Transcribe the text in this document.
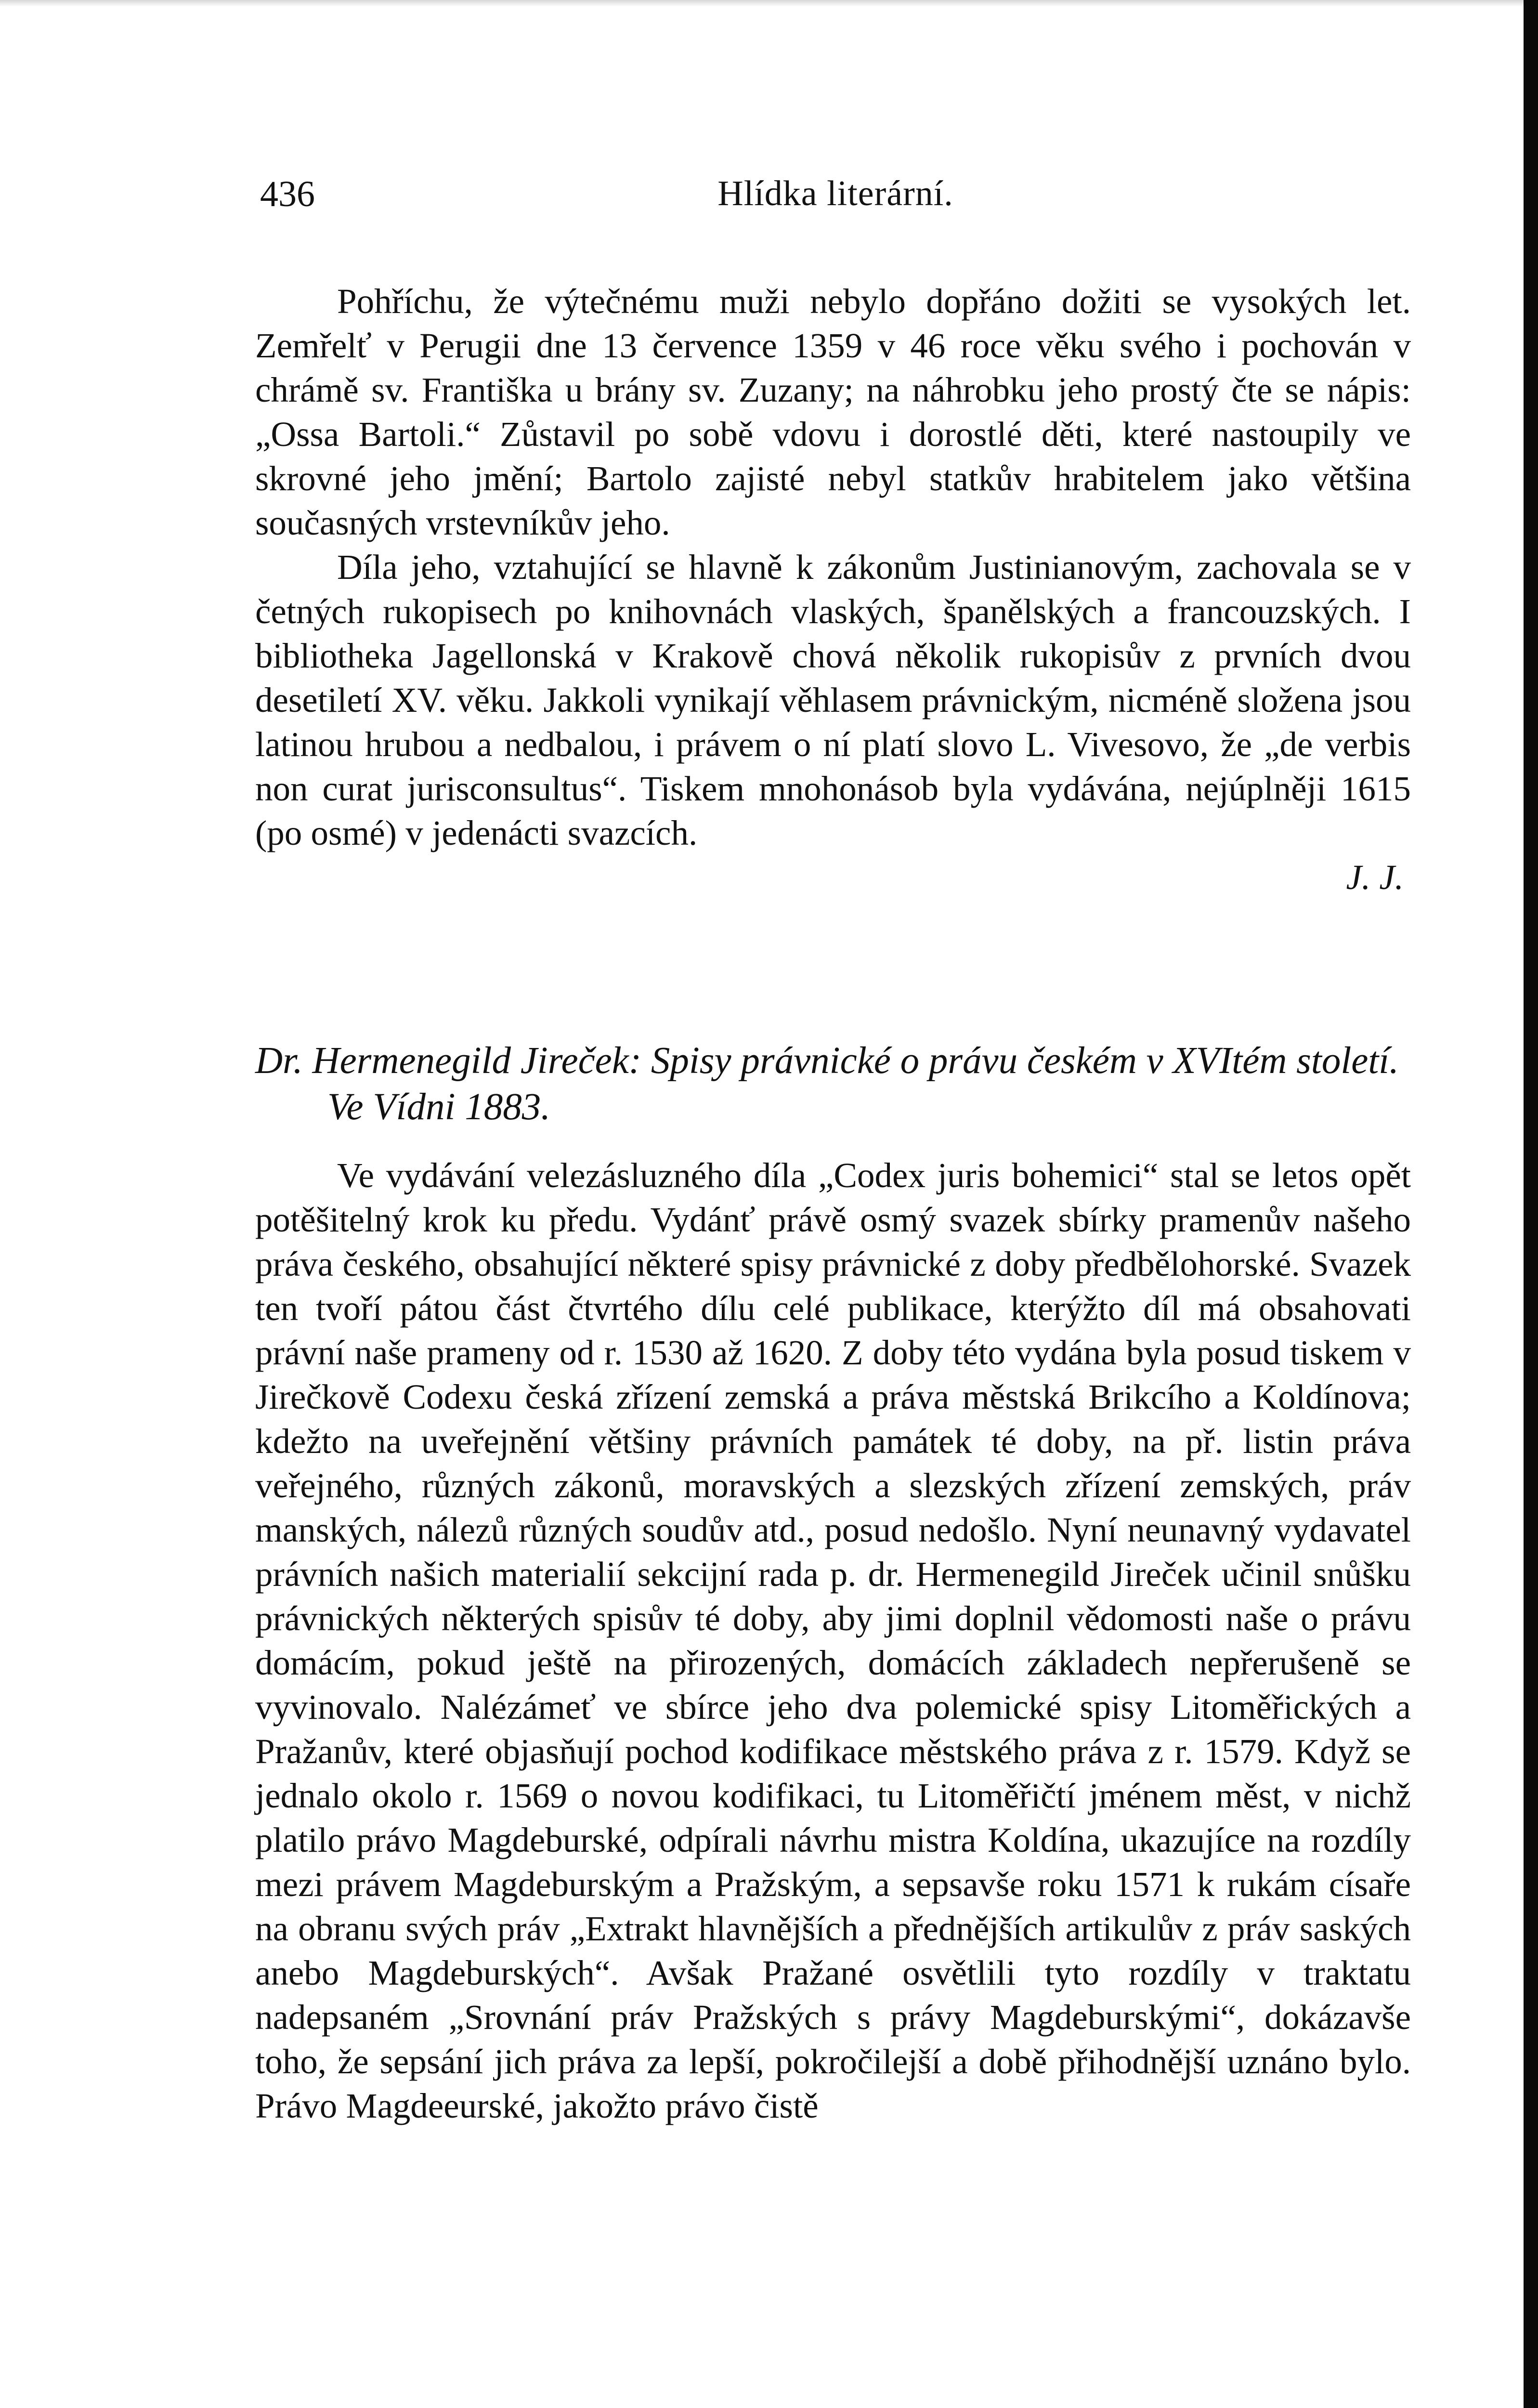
436	Hlídka literární.

Pohříchu, že výtečnému muži nebylo dopřáno dožiti se vysokých let. Zemřelť v Perugii dne 13 července 1359 v 46 roce věku svého i pochován v chrámě sv. Františka u brány sv. Zuzany; na náhrobku jeho prostý čte se nápis: „Ossa Bartoli.“ Zůstavil po sobě vdovu i dorostlé děti, které nastoupily ve skrovné jeho jmění; Bartolo zajisté nebyl statkův hrabitelem jako většina současných vrstevníkův jeho.

Díla jeho, vztahující se hlavně k zákonům Justinianovým, zachovala se v četných rukopisech po knihovnách vlaských, španělských a francouzských. I bibliotheka Jagellonská v Krakově chová několik rukopisův z prvních dvou desetiletí XV. věku. Jakkoli vynikají věhlasem právnickým, nicméně složena jsou latinou hrubou a nedbalou, i právem o ní platí slovo L. Vivesovo, že „de verbis non curat jurisconsultus“. Tiskem mnohonásob byla vydávána, nejúplněji 1615 (po osmé) v jedenácti svazcích.

J. J.

Dr. Hermenegild Jireček: Spisy právnické o právu českém v XVItém století. Ve Vídni 1883.

Ve vydávání velezásluzného díla „Codex juris bohemici“ stal se letos opět potěšitelný krok ku předu. Vydánť právě osmý svazek sbírky pramenův našeho práva českého, obsahující některé spisy právnické z doby předbělohorské. Svazek ten tvoří pátou část čtvrtého dílu celé publikace, kterýžto díl má obsahovati právní naše prameny od r. 1530 až 1620. Z doby této vydána byla posud tiskem v Jirečkově Codexu česká zřízení zemská a práva městská Brikcího a Koldínova; kdežto na uveřejnění většiny právních památek té doby, na př. listin práva veřejného, různých zákonů, moravských a slezských zřízení zemských, práv manských, nálezů různých soudův atd., posud nedošlo. Nyní neunavný vydavatel právních našich materialií sekcijní rada p. dr. Hermenegild Jireček učinil snůšku právnických některých spisův té doby, aby jimi doplnil vědomosti naše o právu domácím, pokud ještě na přirozených, domácích základech nepřerušeně se vyvinovalo. Nalézámeť ve sbírce jeho dva polemické spisy Litoměřických a Pražanův, které objasňují pochod kodifikace městského práva z r. 1579. Když se jednalo okolo r. 1569 o novou kodifikaci, tu Litoměřičtí jménem měst, v nichž platilo právo Magdeburské, odpírali návrhu mistra Koldína, ukazujíce na rozdíly mezi právem Magdeburským a Pražským, a sepsavše roku 1571 k rukám císaře na obranu svých práv „Extrakt hlavnějších a přednějších artikulův z práv saských anebo Magdeburských“. Avšak Pražané osvětlili tyto rozdíly v traktatu nadepsaném „Srovnání práv Pražských s právy Magdeburskými“, dokázavše toho, že sepsání jich práva za lepší, pokročilejší a době přihodnější uznáno bylo. Právo Magdeeurské, jakožto právo čistě
